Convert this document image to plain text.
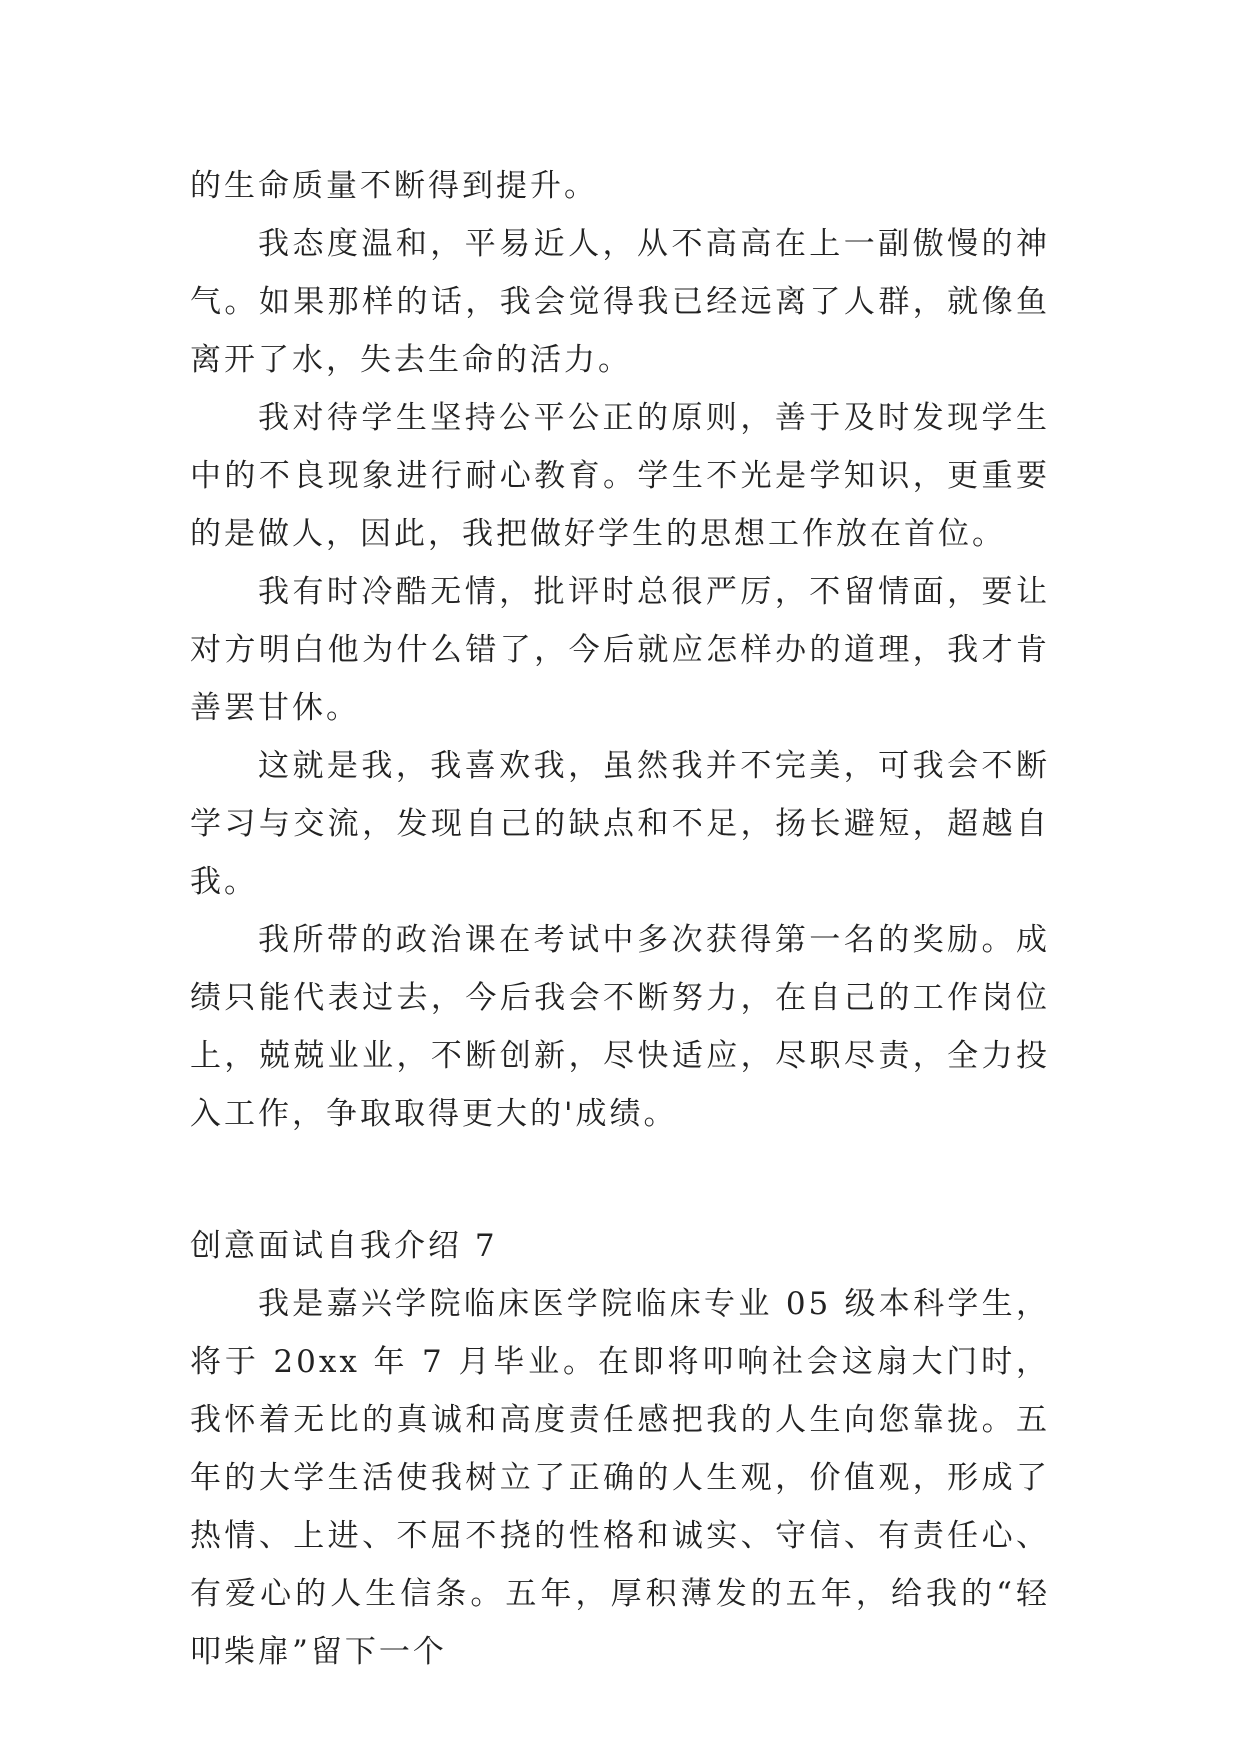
的生命质量不断得到提升。

我态度温和，平易近人，从不高高在上一副傲慢的神气。如果那样的话，我会觉得我已经远离了人群，就像鱼离开了水，失去生命的活力。

我对待学生坚持公平公正的原则，善于及时发现学生中的不良现象进行耐心教育。学生不光是学知识，更重要的是做人，因此，我把做好学生的思想工作放在首位。

我有时冷酷无情，批评时总很严厉，不留情面，要让对方明白他为什么错了，今后就应怎样办的道理，我才肯善罢甘休。

这就是我，我喜欢我，虽然我并不完美，可我会不断学习与交流，发现自己的缺点和不足，扬长避短，超越自我。

我所带的政治课在考试中多次获得第一名的奖励。成绩只能代表过去，今后我会不断努力，在自己的工作岗位上，兢兢业业，不断创新，尽快适应，尽职尽责，全力投入工作，争取取得更大的'成绩。

创意面试自我介绍 7

我是嘉兴学院临床医学院临床专业 05 级本科学生，将于 20xx 年 7 月毕业。在即将叩响社会这扇大门时，我怀着无比的真诚和高度责任感把我的人生向您靠拢。五年的大学生活使我树立了正确的人生观，价值观，形成了热情、上进、不屈不挠的性格和诚实、守信、有责任心、有爱心的人生信条。五年，厚积薄发的五年，给我的“轻叩柴扉”留下一个
